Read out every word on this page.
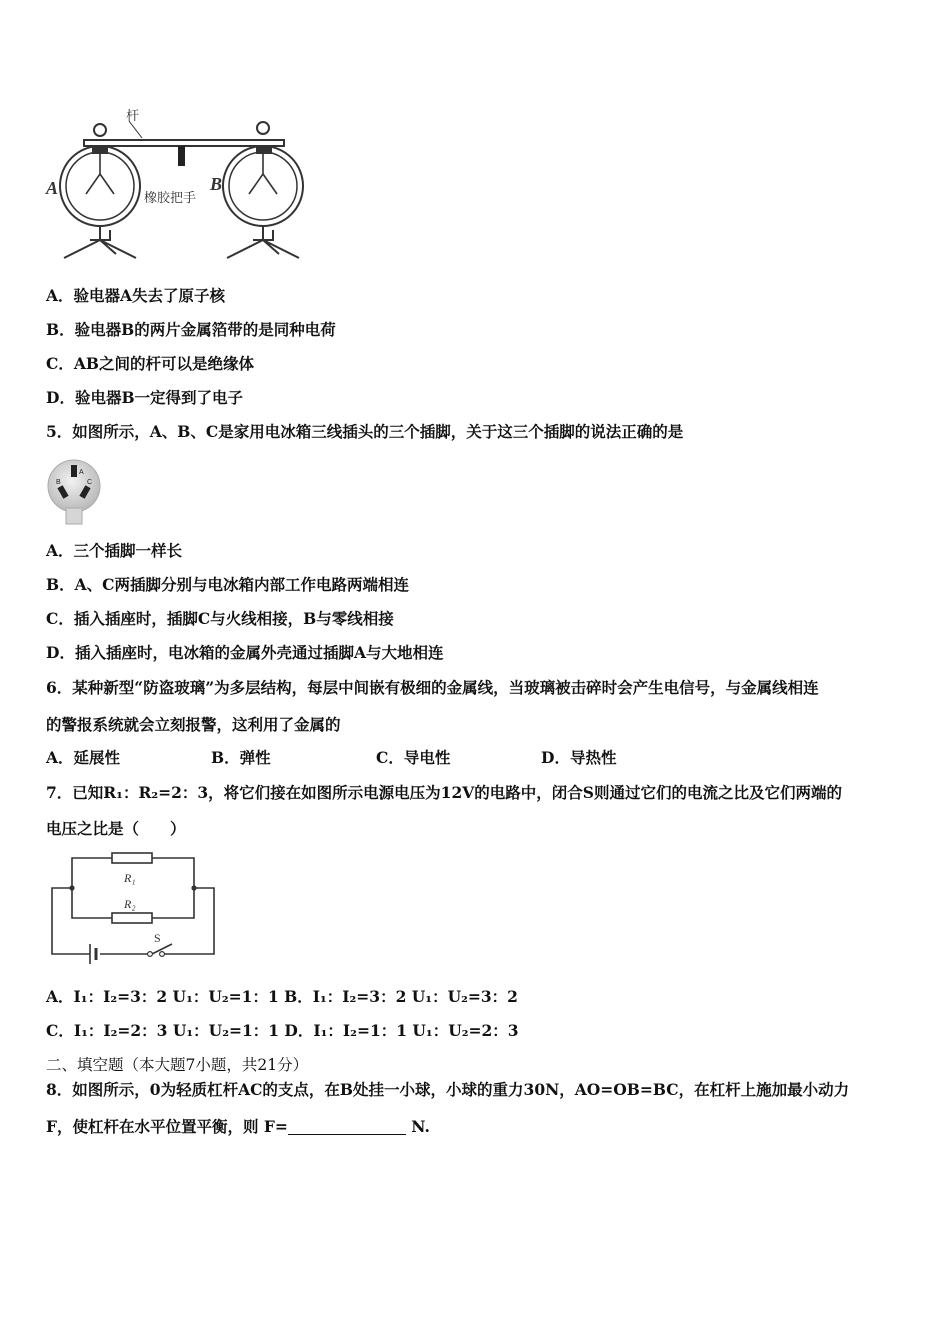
杆
橡胶把手
A	B
A．验电器A失去了原子核
B．验电器B的两片金属箔带的是同种电荷
C．AB之间的杆可以是绝缘体
D．验电器B一定得到了电子
5．如图所示，A、B、C是家用电冰箱三线插头的三个插脚，关于这三个插脚的说法正确的是
A
B	C
A．三个插脚一样长
B．A、C两插脚分别与电冰箱内部工作电路两端相连
C．插入插座时，插脚C与火线相接，B与零线相接
D．插入插座时，电冰箱的金属外壳通过插脚A与大地相连
6．某种新型“防盗玻璃”为多层结构，每层中间嵌有极细的金属线，当玻璃被击碎时会产生电信号，与金属线相连
的警报系统就会立刻报警，这利用了金属的
A．延展性	B．弹性	C．导电性	D．导热性
7．已知R₁：R₂=2：3，将它们接在如图所示电源电压为12V的电路中，闭合S则通过它们的电流之比及它们两端的
电压之比是（　　）
R₁
R₂
S
A．I₁：I₂=3：2 U₁：U₂=1：1 B．I₁：I₂=3：2 U₁：U₂=3：2
C．I₁：I₂=2：3 U₁：U₂=1：1 D．I₁：I₂=1：1 U₁：U₂=2：3
二、填空题（本大题7小题，共21分）
8．如图所示，0为轻质杠杆AC的支点，在B处挂一小球，小球的重力30N，AO=OB=BC，在杠杆上施加最小动力
F，使杠杆在水平位置平衡，则 F=	N.
